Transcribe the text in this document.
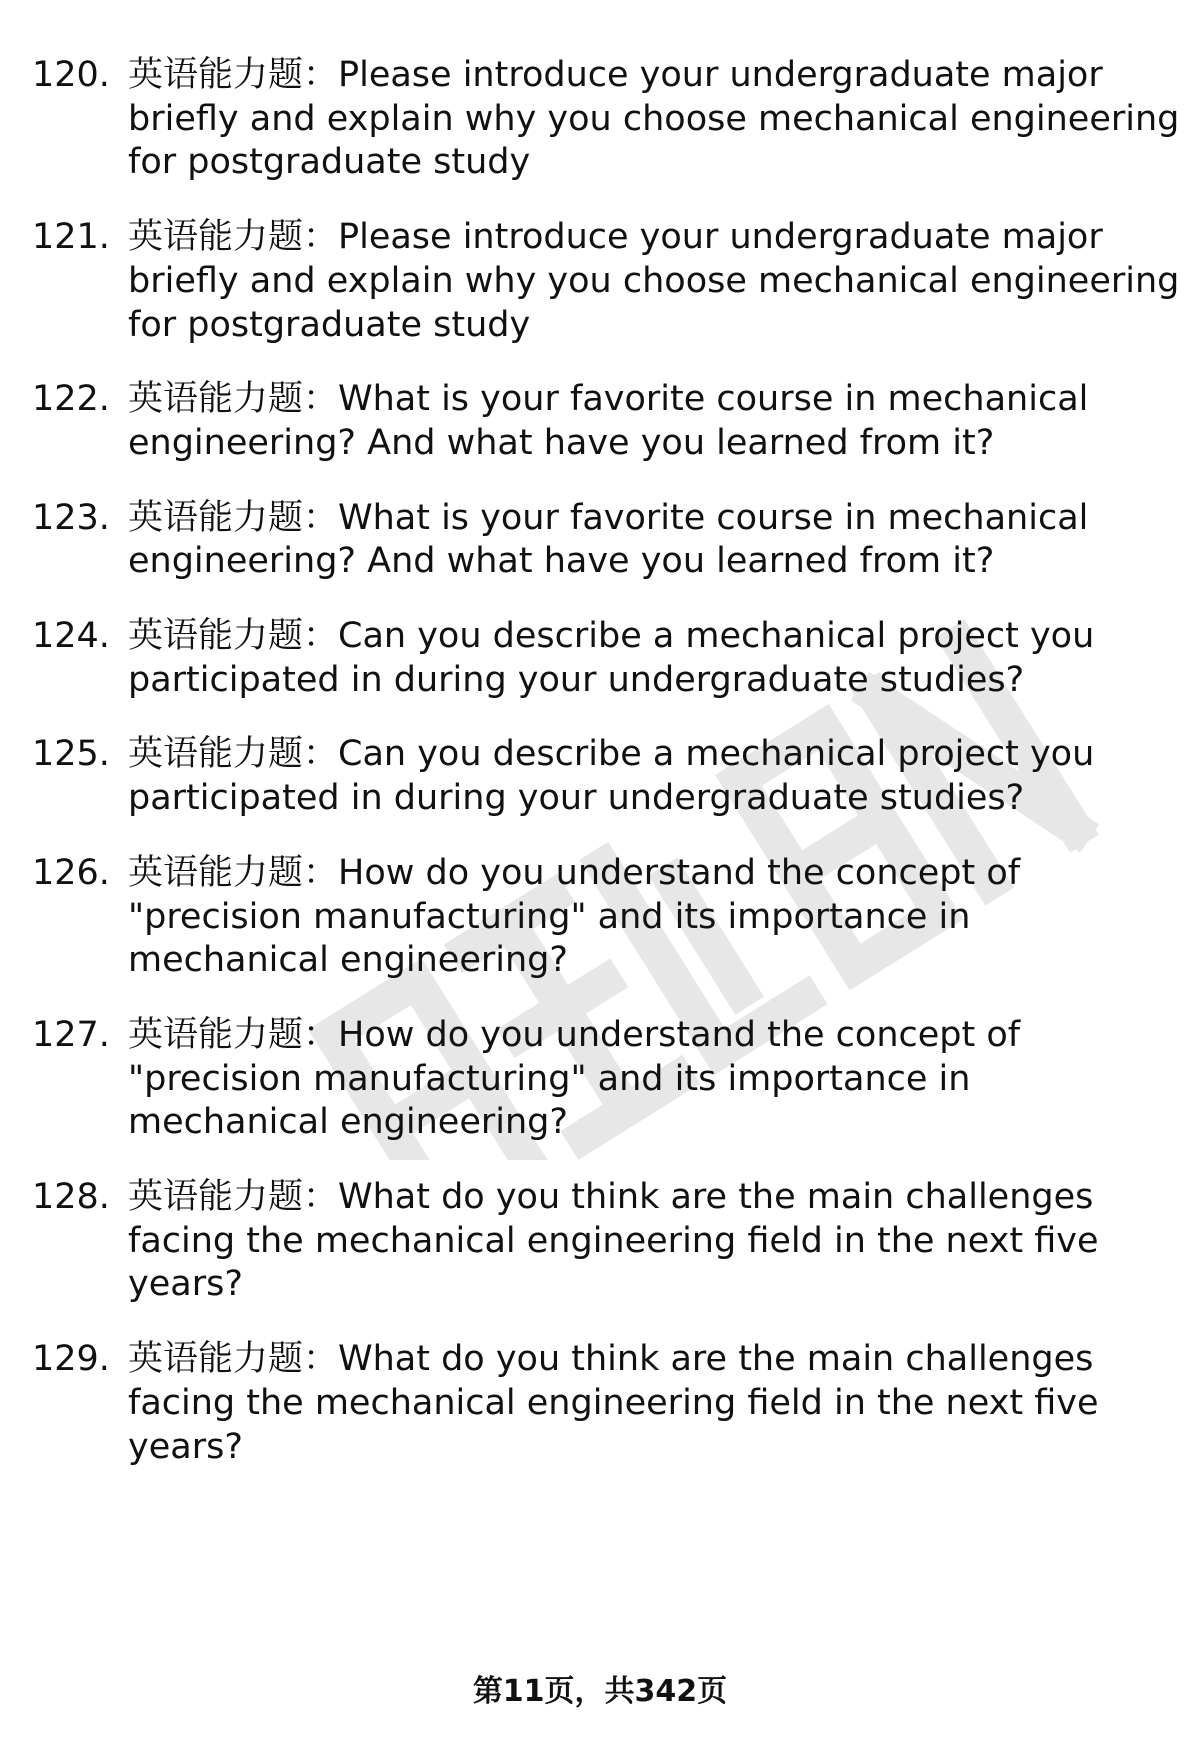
120. 英语能力题：Please introduce your undergraduate major
briefly and explain why you choose mechanical engineering
for postgraduate study
121. 英语能力题：Please introduce your undergraduate major
briefly and explain why you choose mechanical engineering
for postgraduate study
122. 英语能力题：What is your favorite course in mechanical
engineering? And what have you learned from it?
123. 英语能力题：What is your favorite course in mechanical
engineering? And what have you learned from it?
124. 英语能力题：Can you describe a mechanical project you
participated in during your undergraduate studies?
125. 英语能力题：Can you describe a mechanical project you
participated in during your undergraduate studies?
126. 英语能力题：How do you understand the concept of
"precision manufacturing" and its importance in
mechanical engineering?
127. 英语能力题：How do you understand the concept of
"precision manufacturing" and its importance in
mechanical engineering?
128. 英语能力题：What do you think are the main challenges
facing the mechanical engineering field in the next five
years?
129. 英语能力题：What do you think are the main challenges
facing the mechanical engineering field in the next five
years?
第11页，共342页
